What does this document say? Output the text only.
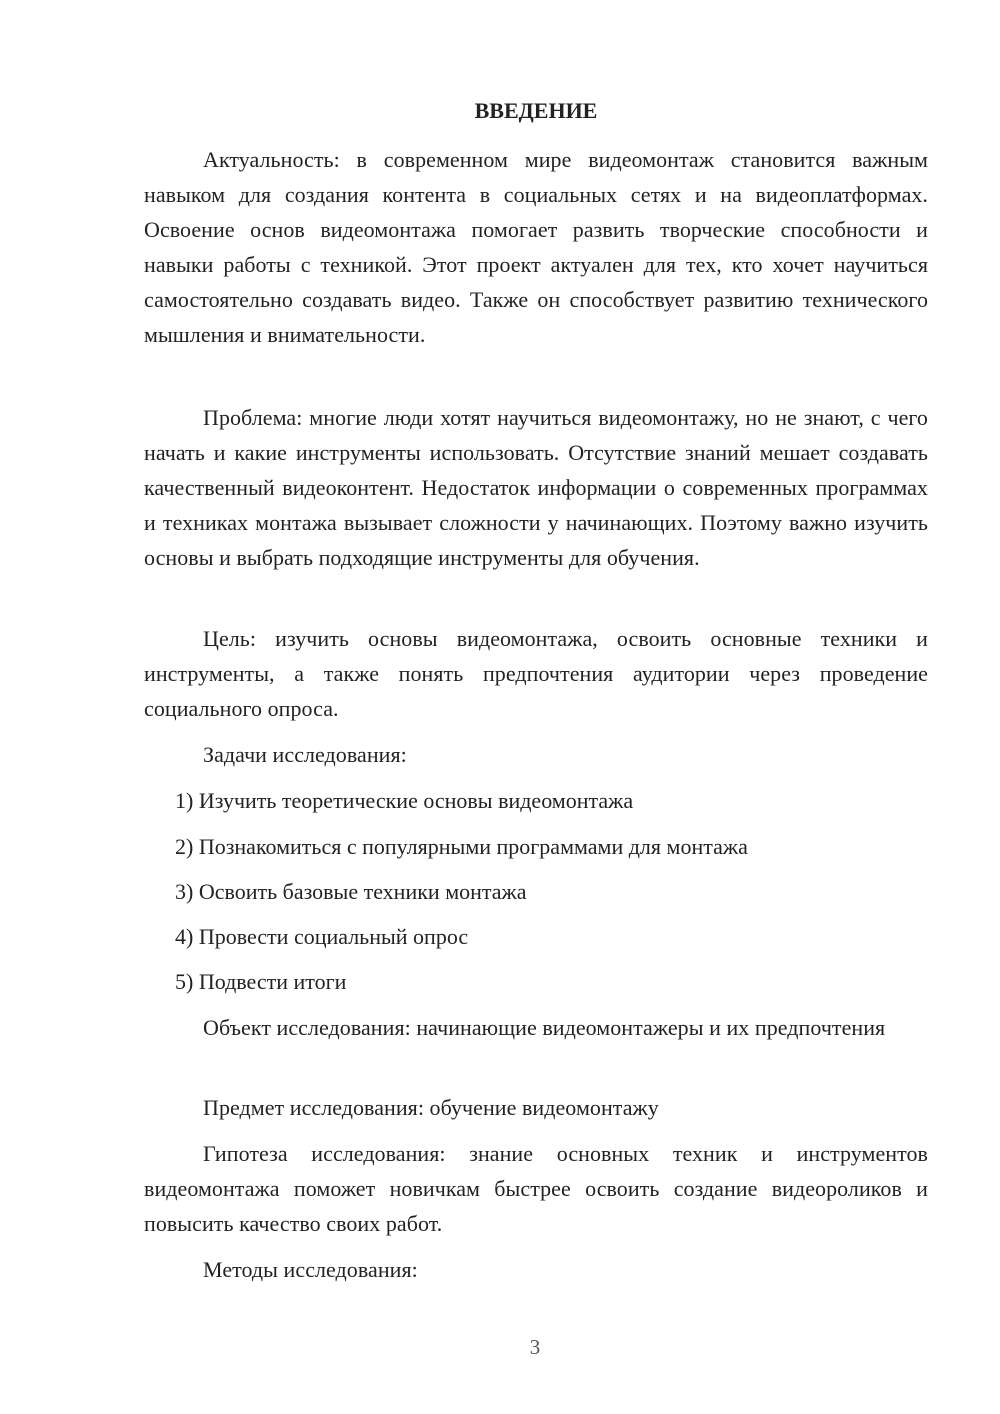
ВВЕДЕНИЕ
Актуальность: в современном мире видеомонтаж становится важным навыком для создания контента в социальных сетях и на видеоплатформах. Освоение основ видеомонтажа помогает развить творческие способности и навыки работы с техникой. Этот проект актуален для тех, кто хочет научиться самостоятельно создавать видео. Также он способствует развитию технического мышления и внимательности.
Проблема: многие люди хотят научиться видеомонтажу, но не знают, с чего начать и какие инструменты использовать. Отсутствие знаний мешает создавать качественный видеоконтент. Недостаток информации о современных программах и техниках монтажа вызывает сложности у начинающих. Поэтому важно изучить основы и выбрать подходящие инструменты для обучения.
Цель: изучить основы видеомонтажа, освоить основные техники и инструменты, а также понять предпочтения аудитории через проведение социального опроса.
Задачи исследования:
1) Изучить теоретические основы видеомонтажа
2) Познакомиться с популярными программами для монтажа
3) Освоить базовые техники монтажа
4) Провести социальный опрос
5) Подвести итоги
Объект исследования: начинающие видеомонтажеры и их предпочтения
Предмет исследования: обучение видеомонтажу
Гипотеза исследования: знание основных техник и инструментов видеомонтажа поможет новичкам быстрее освоить создание видеороликов и повысить качество своих работ.
Методы исследования:
3
